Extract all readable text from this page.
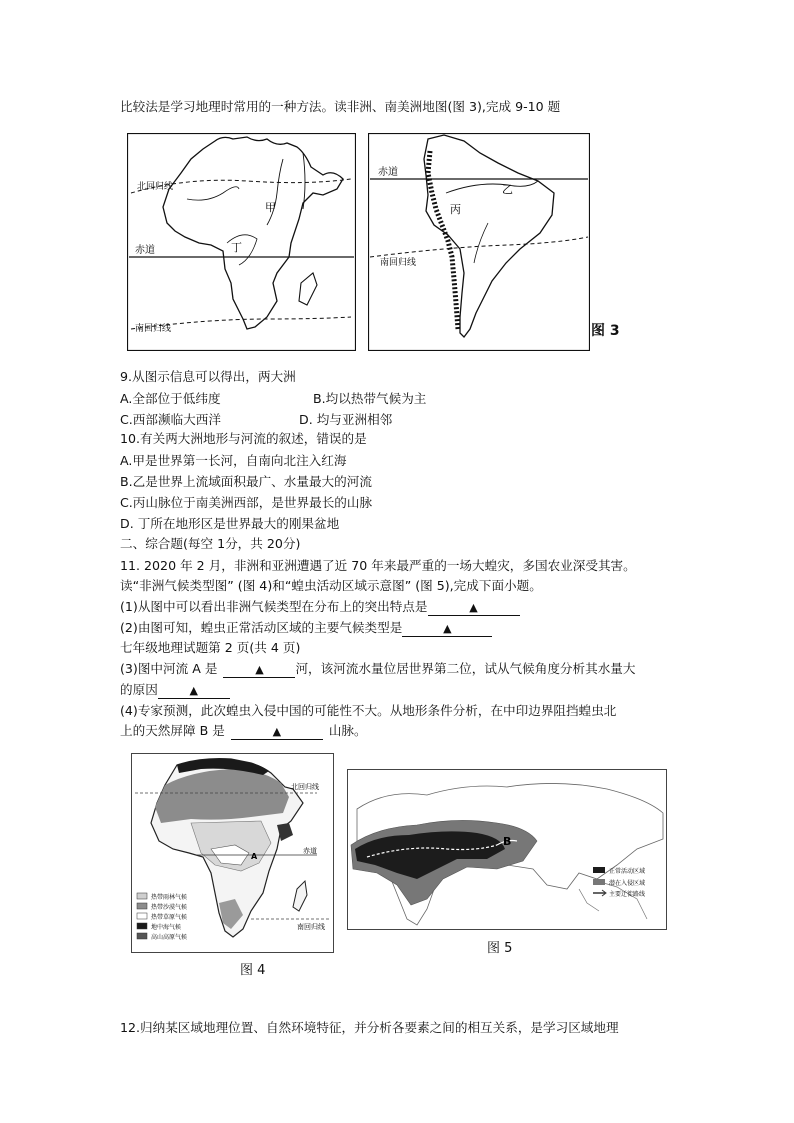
比较法是学习地理时常用的一种方法。读非洲、南美洲地图(图 3),完成 9-10 题
北回归线
赤道
南回归线
甲
丁
赤道
南回归线
乙
丙
图 3
9.从图示信息可以得出，两大洲
A.全部位于低纬度	B.均以热带气候为主
C.西部濒临大西洋	D. 均与亚洲相邻
10.有关两大洲地形与河流的叙述，错误的是
A.甲是世界第一长河，自南向北注入红海
B.乙是世界上流域面积最广、水量最大的河流
C.丙山脉位于南美洲西部，是世界最长的山脉
D. 丁所在地形区是世界最大的刚果盆地
二、综合题(每空 1分，共 20分)
11. 2020 年 2 月，非洲和亚洲遭遇了近 70 年来最严重的一场大蝗灾，多国农业深受其害。
读“非洲气候类型图” (图 4)和“蝗虫活动区域示意图” (图 5),完成下面小题。
(1)从图中可以看出非洲气候类型在分布上的突出特点是	▲
(2)由图可知，蝗虫正常活动区域的主要气候类型是	▲
七年级地理试题第 2 页(共 4 页)
(3)图中河流 A 是	▲	河，该河流水量位居世界第二位，试从气候角度分析其水量大
的原因	▲
(4)专家预测，此次蝗虫入侵中国的可能性不大。从地形条件分析，在中印边界阻挡蝗虫北
上的天然屏障 B 是	▲	山脉。
北回归线
赤道
南回归线
A
热带雨林气候
热带沙漠气候
热带草原气候
地中海气候
高山高原气候
图 4
B
正常活动区域
潜在入侵区域
主要迁徙路线
图 5
12.归纳某区域地理位置、自然环境特征，并分析各要素之间的相互关系，是学习区域地理
